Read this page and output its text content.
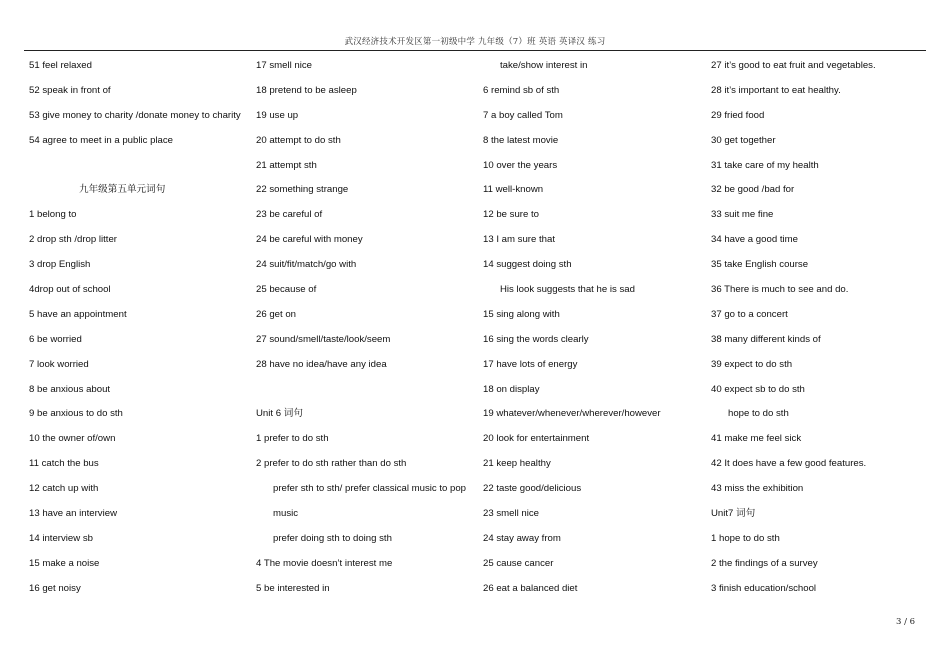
武汉经济技术开发区第一初级中学 九年级（7）班 英语 英译汉 练习
51 feel relaxed
52 speak in front of
53 give money to charity /donate money to charity
54 agree to meet in a public place
九年级第五单元词句
1 belong to
2 drop sth /drop litter
3 drop English
4drop out of school
5 have an appointment
6 be worried
7 look worried
8 be anxious about
9 be anxious to do sth
10 the owner of/own
11 catch the bus
12 catch up with
13 have an interview
14 interview sb
15 make a noise
16 get noisy
17 smell nice
18 pretend to be asleep
19 use up
20 attempt to do sth
21 attempt sth
22 something strange
23 be careful of
24 be careful with money
24 suit/fit/match/go with
25 because of
26 get on
27 sound/smell/taste/look/seem
28 have no idea/have any idea
Unit 6 词句
1 prefer to do sth
2 prefer to do sth rather than do sth
prefer sth to sth/ prefer classical music to pop
music
prefer doing sth to doing sth
4 The movie doesn’t interest me
5 be interested in
take/show interest in
6 remind sb of sth
7 a boy called Tom
8 the latest movie
10 over the years
11 well-known
12 be sure to
13 I am sure that
14 suggest doing sth
His look suggests that he is sad
15 sing along with
16 sing the words clearly
17 have lots of energy
18 on display
19 whatever/whenever/wherever/however
20 look for entertainment
21 keep healthy
22 taste good/delicious
23 smell nice
24 stay away from
25 cause cancer
26 eat a balanced diet
27 it’s good to eat fruit and vegetables.
28 it’s important to eat healthy.
29 fried food
30 get together
31 take care of my health
32 be good /bad for
33 suit me fine
34 have a good time
35 take English course
36 There is much to see and do.
37 go to a concert
38 many different kinds of
39 expect to do sth
40 expect sb to do sth
hope to do sth
41 make me feel sick
42 It does have a few good features.
43 miss the exhibition
Unit7 词句
1 hope to do sth
2 the findings of a survey
3 finish education/school
3 / 6
